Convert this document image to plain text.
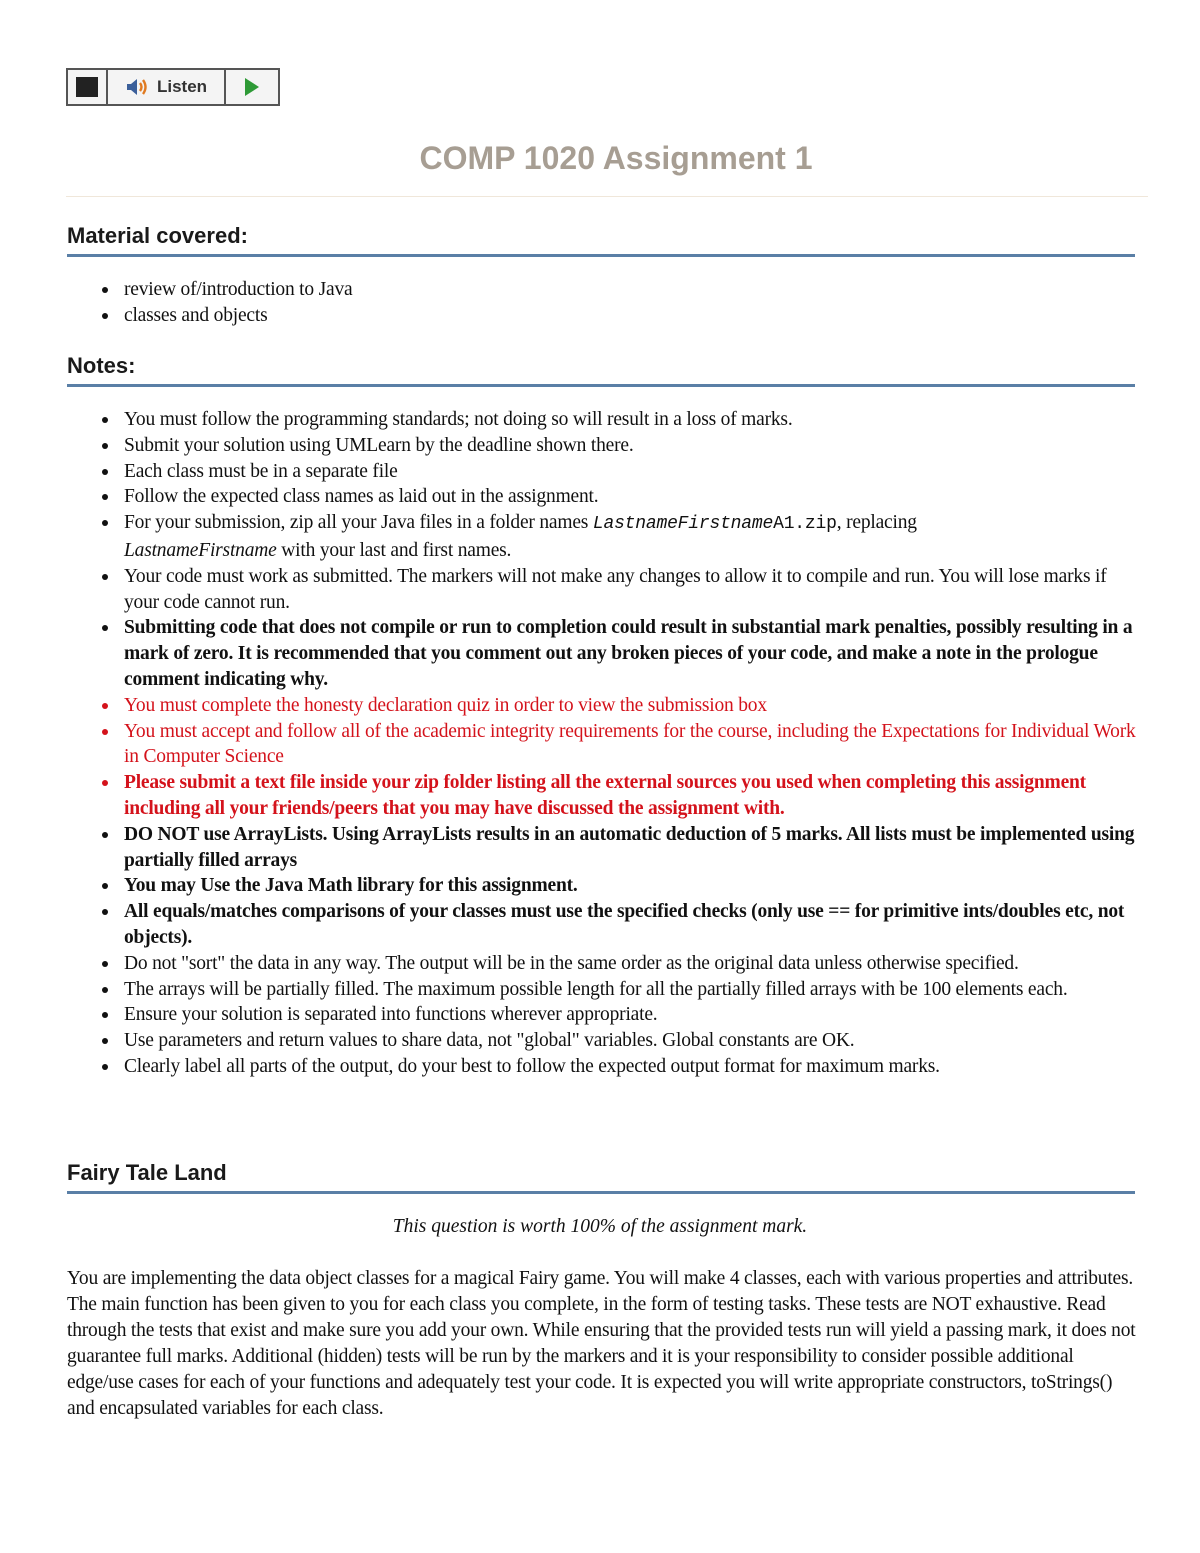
Listen
COMP 1020 Assignment 1
Material covered:
review of/introduction to Java
classes and objects
Notes:
You must follow the programming standards; not doing so will result in a loss of marks.
Submit your solution using UMLearn by the deadline shown there.
Each class must be in a separate file
Follow the expected class names as laid out in the assignment.
For your submission, zip all your Java files in a folder names LastnameFirstnameA1.zip, replacing
LastnameFirstname with your last and first names.
Your code must work as submitted. The markers will not make any changes to allow it to compile and run. You will lose marks if your code cannot run.
Submitting code that does not compile or run to completion could result in substantial mark penalties, possibly resulting in a mark of zero. It is recommended that you comment out any broken pieces of your code, and make a note in the prologue comment indicating why.
You must complete the honesty declaration quiz in order to view the submission box
You must accept and follow all of the academic integrity requirements for the course, including the Expectations for Individual Work in Computer Science
Please submit a text file inside your zip folder listing all the external sources you used when completing this assignment including all your friends/peers that you may have discussed the assignment with.
DO NOT use ArrayLists. Using ArrayLists results in an automatic deduction of 5 marks. All lists must be implemented using partially filled arrays
You may Use the Java Math library for this assignment.
All equals/matches comparisons of your classes must use the specified checks (only use == for primitive ints/doubles etc, not objects).
Do not "sort" the data in any way. The output will be in the same order as the original data unless otherwise specified.
The arrays will be partially filled. The maximum possible length for all the partially filled arrays with be 100 elements each.
Ensure your solution is separated into functions wherever appropriate.
Use parameters and return values to share data, not "global" variables. Global constants are OK.
Clearly label all parts of the output, do your best to follow the expected output format for maximum marks.
Fairy Tale Land
This question is worth 100% of the assignment mark.
You are implementing the data object classes for a magical Fairy game. You will make 4 classes, each with various properties and attributes. The main function has been given to you for each class you complete, in the form of testing tasks. These tests are NOT exhaustive. Read through the tests that exist and make sure you add your own. While ensuring that the provided tests run will yield a passing mark, it does not guarantee full marks. Additional (hidden) tests will be run by the markers and it is your responsibility to consider possible additional edge/use cases for each of your functions and adequately test your code. It is expected you will write appropriate constructors, toStrings() and encapsulated variables for each class.
